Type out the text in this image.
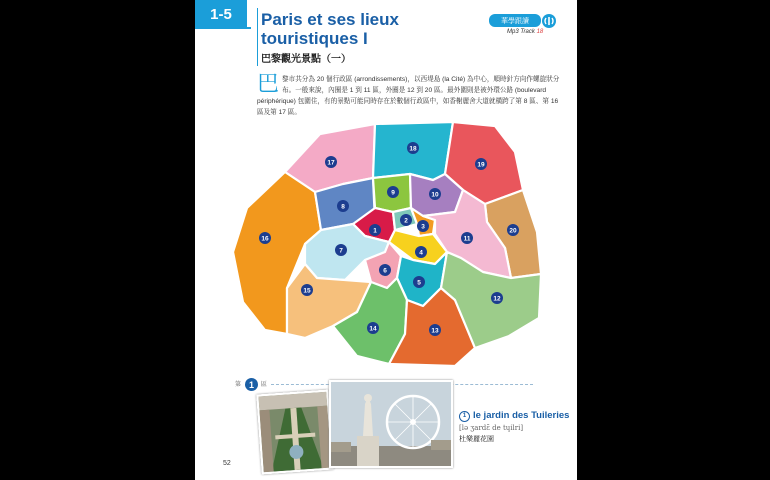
1-5 Paris et ses lieux
touristiques I
巴黎觀光景點（一）
華學跟讀
Mp3 Track 18
巴 黎市共分為 20 個行政區 (arrondissements)，以西堤島 (la Cité) 為中心，順時針方向作螺旋狀分布。一般來說，內圈是 1 到 11 區，外圈是 12 到 20 區。最外圍則是被外環公路 (boulevard périphérique) 包圍住，有的景點可能同時存在於數個行政區中，如香榭麗舍大道就橫跨了第 8 區、第 16 區及第 17 區。
1
2
3
4
5
6
7
8
9	10
11
12
13
14
15
16
17
18
19
20
第 1	區
1 le jardin des Tuileries
[lə ʒardɛ̃ de tɥilri]
杜樂麗花園
52
